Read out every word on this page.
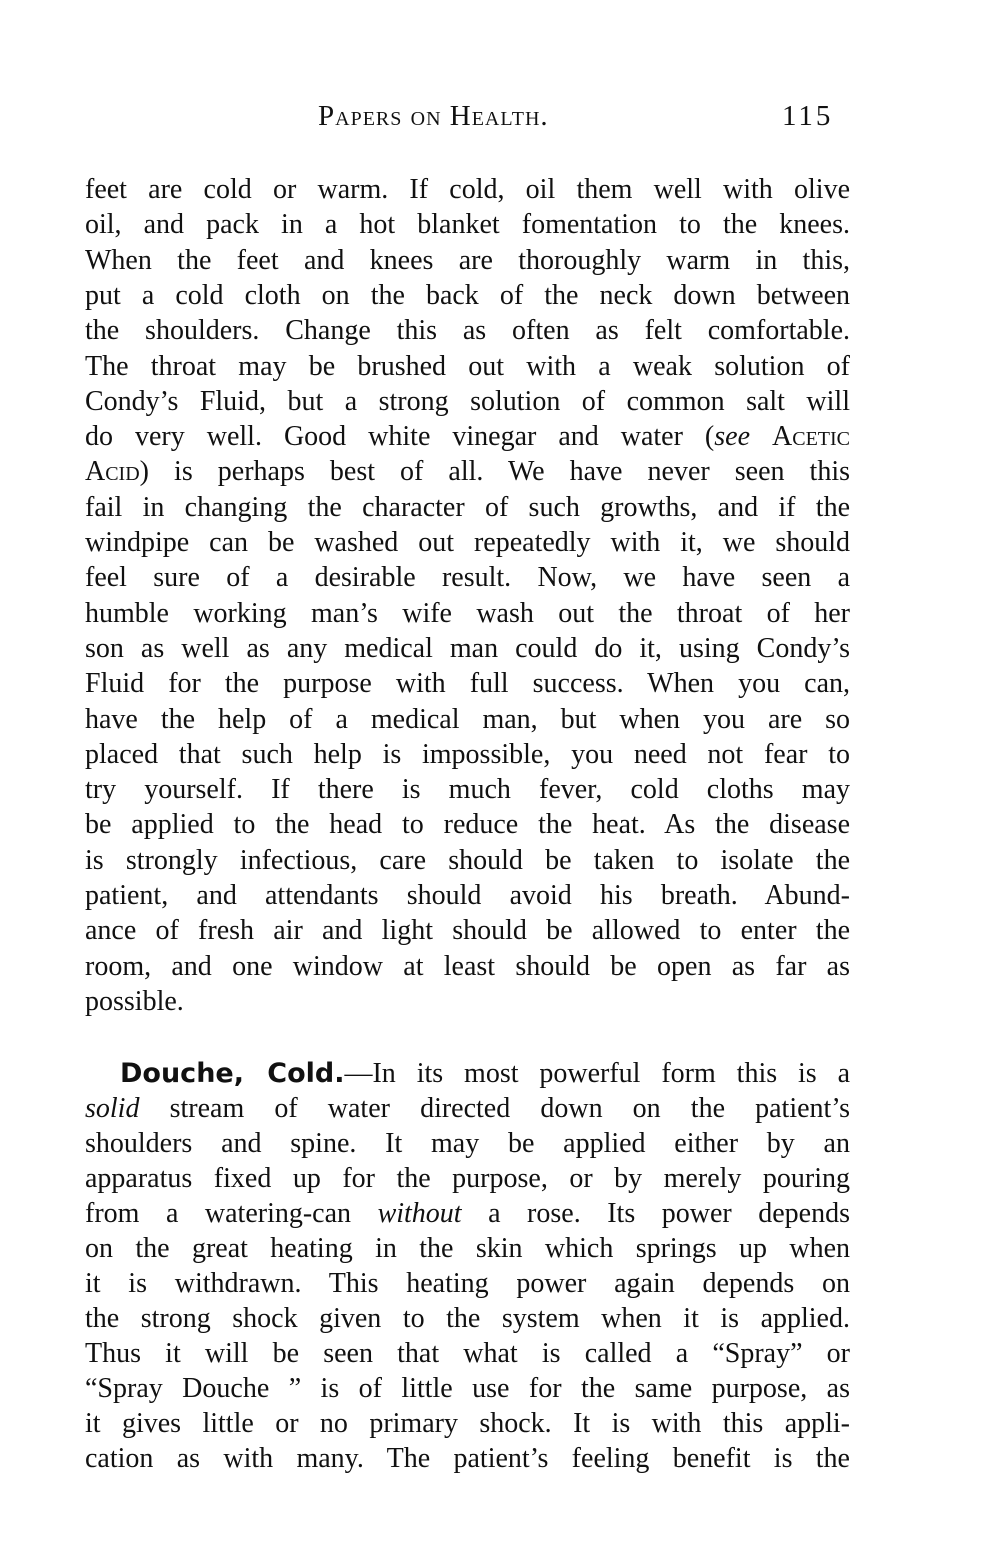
Papers on Health.	115
feet are cold or warm. If cold, oil them well with olive
oil, and pack in a hot blanket fomentation to the knees.
When the feet and knees are thoroughly warm in this,
put a cold cloth on the back of the neck down between
the shoulders. Change this as often as felt comfortable.
The throat may be brushed out with a weak solution of
Condy’s Fluid, but a strong solution of common salt will
do very well. Good white vinegar and water (see Acetic
Acid) is perhaps best of all. We have never seen this
fail in changing the character of such growths, and if the
windpipe can be washed out repeatedly with it, we should
feel sure of a desirable result. Now, we have seen a
humble working man’s wife wash out the throat of her
son as well as any medical man could do it, using Condy’s
Fluid for the purpose with full success. When you can,
have the help of a medical man, but when you are so
placed that such help is impossible, you need not fear to
try yourself. If there is much fever, cold cloths may
be applied to the head to reduce the heat. As the disease
is strongly infectious, care should be taken to isolate the
patient, and attendants should avoid his breath. Abund-
ance of fresh air and light should be allowed to enter the
room, and one window at least should be open as far as
possible.
Douche, Cold.—In its most powerful form this is a
solid stream of water directed down on the patient’s
shoulders and spine. It may be applied either by an
apparatus fixed up for the purpose, or by merely pouring
from a watering-can without a rose. Its power depends
on the great heating in the skin which springs up when
it is withdrawn. This heating power again depends on
the strong shock given to the system when it is applied.
Thus it will be seen that what is called a “Spray” or
“Spray Douche ” is of little use for the same purpose, as
it gives little or no primary shock. It is with this appli-
cation as with many. The patient’s feeling benefit is the
